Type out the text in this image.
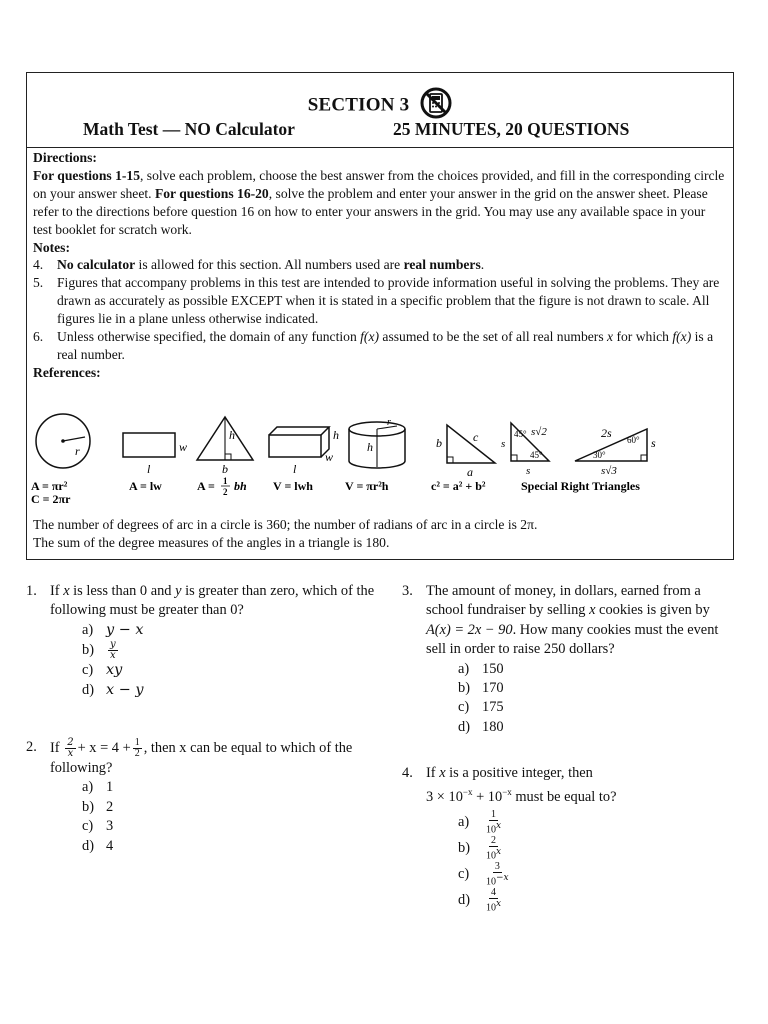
SECTION 3
Math Test — NO Calculator	25 MINUTES, 20 QUESTIONS

Directions:

For questions 1-15, solve each problem, choose the best answer from the choices provided, and fill in the corresponding circle on your answer sheet. For questions 16-20, solve the problem and enter your answer in the grid on the answer sheet. Please refer to the directions before question 16 on how to enter your answers in the grid. You may use any available space in your test booklet for scratch work.

Notes:

4. No calculator is allowed for this section. All numbers used are real numbers.
5. Figures that accompany problems in this test are intended to provide information useful in solving the problems. They are drawn as accurately as possible EXCEPT when it is stated in a specific problem that the figure is not drawn to scale. All figures lie in a plane unless otherwise indicated.
6. Unless otherwise specified, the domain of any function f(x) assumed to be the set of all real numbers x for which f(x) is a real number.

References:

r
A = πr²
C = 2πr
w
l
A = lw
h
b
A = 1
2 bh
h
w
l
V = lwh
r
h
V = πr²h
b	c
a
c² = a² + b²
s
45°
45°
s√2
s
2s 60°
30°
s
s√3
Special Right Triangles
The number of degrees of arc in a circle is 360; the number of radians of arc in a circle is 2π.
The sum of the degree measures of the angles in a triangle is 180.
1. If x is less than 0 and y is greater than zero, which of the following must be greater than 0?
a) y − x
b)	$\frac{y}{x}$
c) xy
d) x − y
2. If $\frac{2}{x} + x = 4 + \frac{1}{2}$ , then x can be equal to which of the following?
a) 1
b) 2
c) 3
d) 4
3. The amount of money, in dollars, earned from a school fundraiser by selling x cookies is given by A(x) = 2x − 90. How many cookies must the event sell in order to raise 250 dollars?
a) 150
b) 170
c) 175
d) 180
4. If x is a positive integer, then
$3 \times 10^{-x} + 10^{-x}$ must be equal to?
a)	$\frac{1}{10^x}$
b)	$\frac{2}{10^x}$
c)	$\frac{3}{10^{-x}}$
d)	$\frac{4}{10^x}$
